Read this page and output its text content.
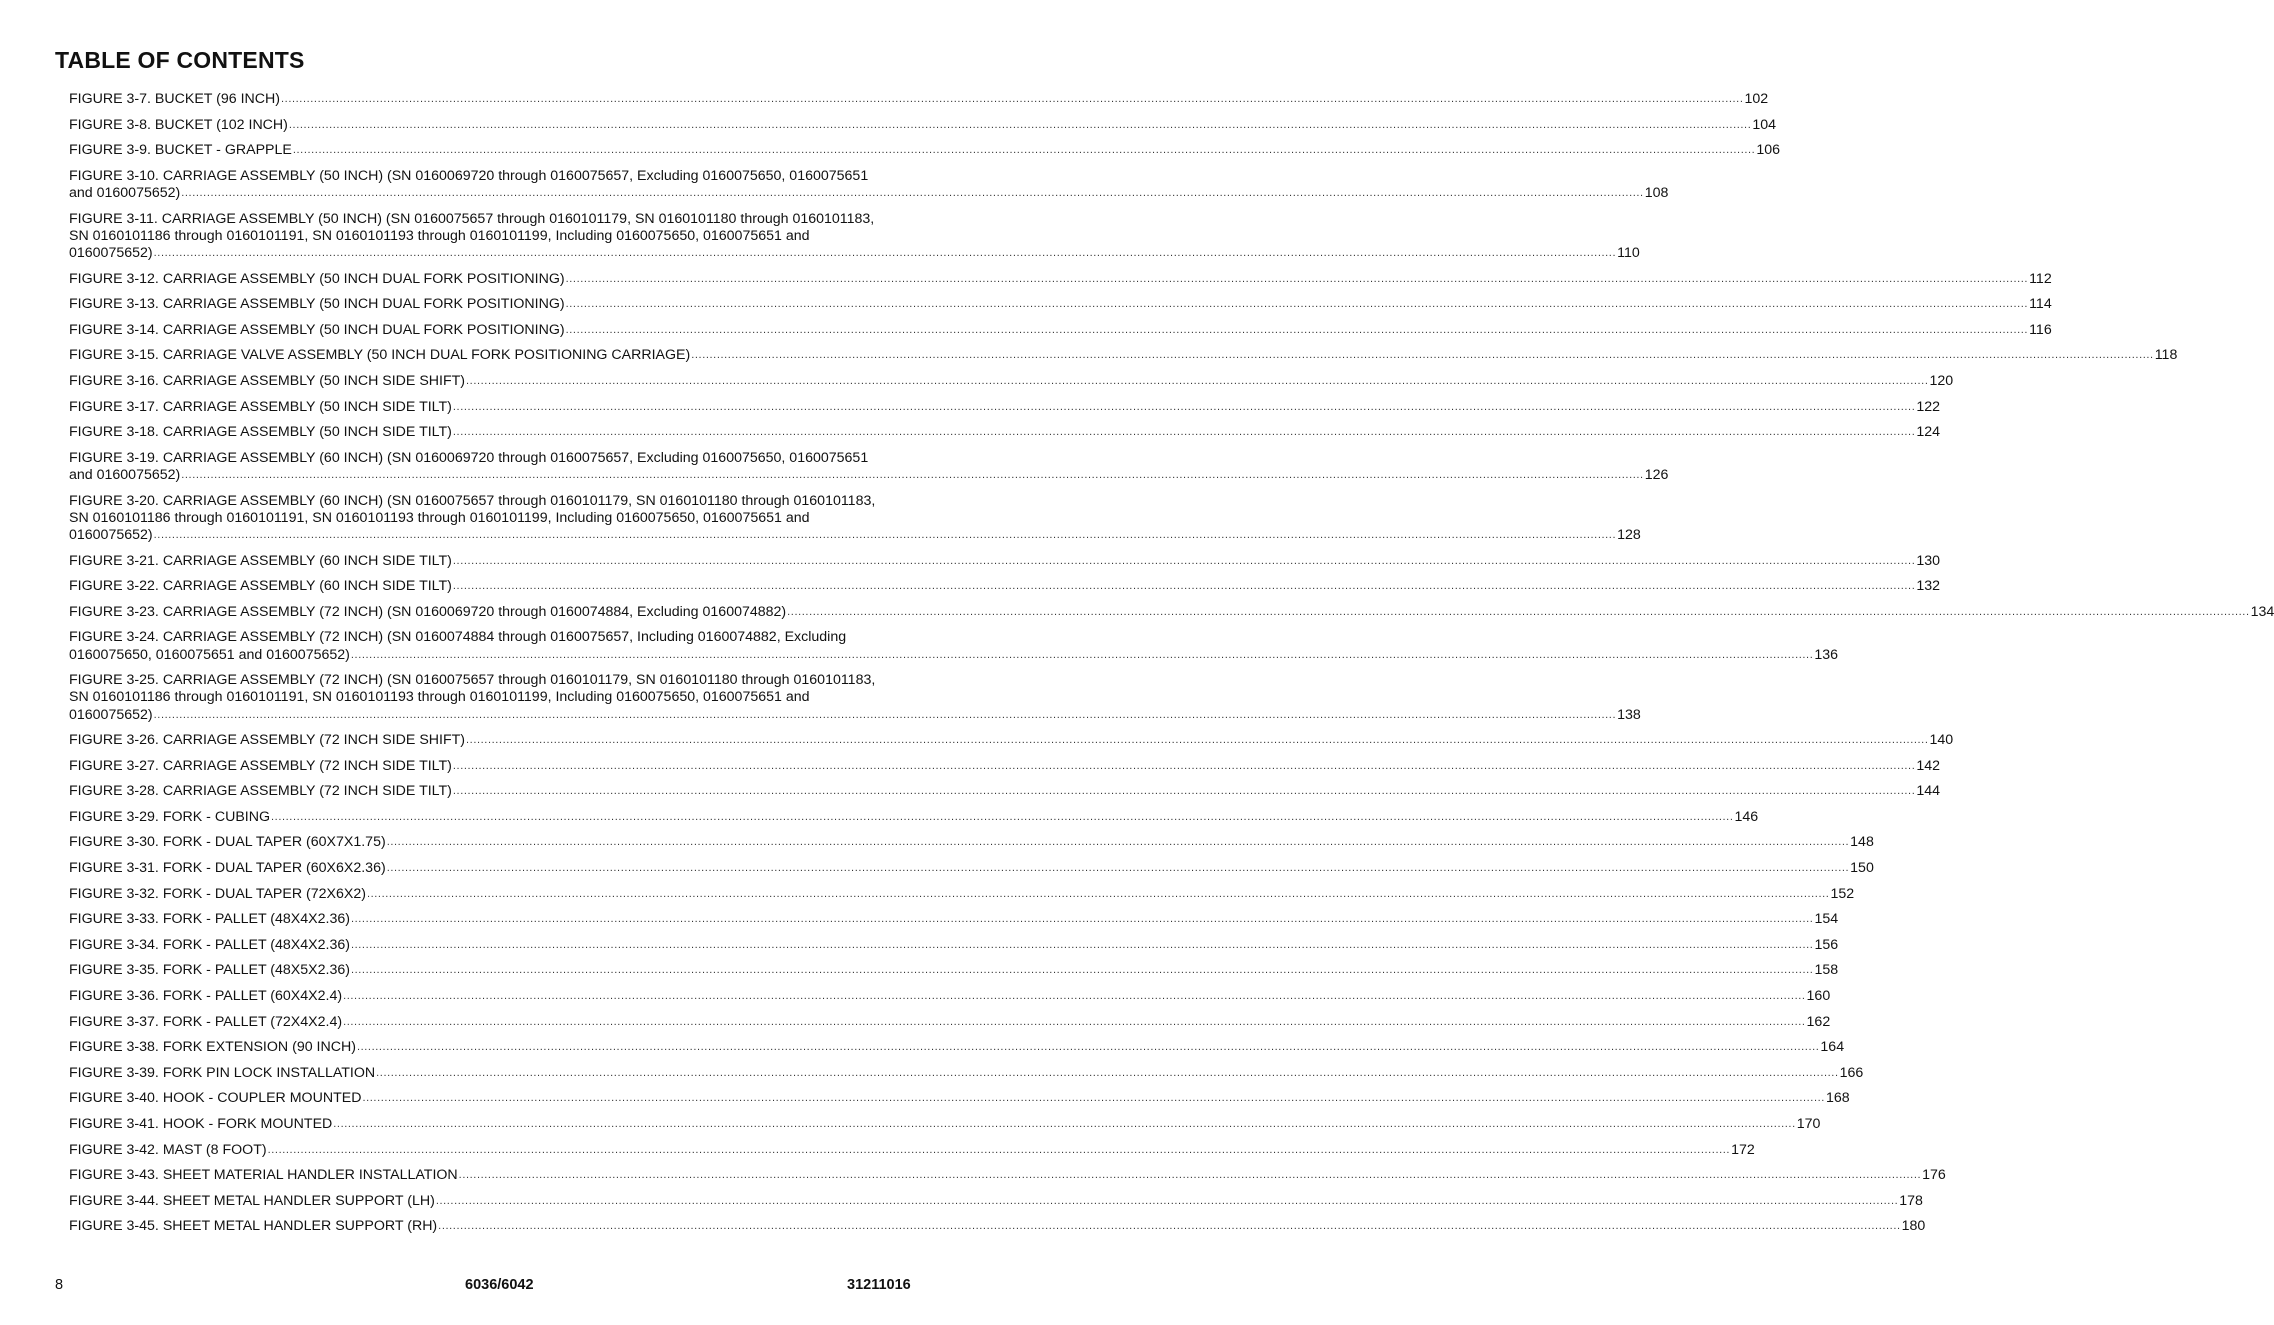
TABLE OF CONTENTS
FIGURE 3-7. BUCKET (96 INCH) ................................................................................................................................................................................................................................................................................................................................................................................................................ 102
FIGURE 3-8. BUCKET (102 INCH) ................................................................................................................................................................................................................................................................................................................................................................................................................ 104
FIGURE 3-9. BUCKET - GRAPPLE ................................................................................................................................................................................................................................................................................................................................................................................................................ 106
FIGURE 3-10. CARRIAGE ASSEMBLY (50 INCH) (SN 0160069720 through 0160075657, Excluding 0160075650, 0160075651
and 0160075652) ................................................................................................................................................................................................................................................................................................................................................................................................................ 108
FIGURE 3-11. CARRIAGE ASSEMBLY (50 INCH) (SN 0160075657 through 0160101179, SN 0160101180 through 0160101183,
SN 0160101186 through 0160101191, SN 0160101193 through 0160101199, Including 0160075650, 0160075651 and
0160075652) ................................................................................................................................................................................................................................................................................................................................................................................................................ 110
FIGURE 3-12. CARRIAGE ASSEMBLY (50 INCH DUAL FORK POSITIONING) ................................................................................................................................................................................................................................................................................................................................................................................................................ 112
FIGURE 3-13. CARRIAGE ASSEMBLY (50 INCH DUAL FORK POSITIONING) ................................................................................................................................................................................................................................................................................................................................................................................................................ 114
FIGURE 3-14. CARRIAGE ASSEMBLY (50 INCH DUAL FORK POSITIONING) ................................................................................................................................................................................................................................................................................................................................................................................................................ 116
FIGURE 3-15. CARRIAGE VALVE ASSEMBLY (50 INCH DUAL FORK POSITIONING CARRIAGE) ................................................................................................................................................................................................................................................................................................................................................................................................................ 118
FIGURE 3-16. CARRIAGE ASSEMBLY (50 INCH SIDE SHIFT) ................................................................................................................................................................................................................................................................................................................................................................................................................ 120
FIGURE 3-17. CARRIAGE ASSEMBLY (50 INCH SIDE TILT) ................................................................................................................................................................................................................................................................................................................................................................................................................ 122
FIGURE 3-18. CARRIAGE ASSEMBLY (50 INCH SIDE TILT) ................................................................................................................................................................................................................................................................................................................................................................................................................ 124
FIGURE 3-19. CARRIAGE ASSEMBLY (60 INCH) (SN 0160069720 through 0160075657, Excluding 0160075650, 0160075651
and 0160075652) ................................................................................................................................................................................................................................................................................................................................................................................................................ 126
FIGURE 3-20. CARRIAGE ASSEMBLY (60 INCH) (SN 0160075657 through 0160101179, SN 0160101180 through 0160101183,
SN 0160101186 through 0160101191, SN 0160101193 through 0160101199, Including 0160075650, 0160075651 and
0160075652) ................................................................................................................................................................................................................................................................................................................................................................................................................ 128
FIGURE 3-21. CARRIAGE ASSEMBLY (60 INCH SIDE TILT) ................................................................................................................................................................................................................................................................................................................................................................................................................ 130
FIGURE 3-22. CARRIAGE ASSEMBLY (60 INCH SIDE TILT) ................................................................................................................................................................................................................................................................................................................................................................................................................ 132
FIGURE 3-23. CARRIAGE ASSEMBLY (72 INCH) (SN 0160069720 through 0160074884, Excluding 0160074882) ................................................................................................................................................................................................................................................................................................................................................................................................................ 134
FIGURE 3-24. CARRIAGE ASSEMBLY (72 INCH) (SN 0160074884 through 0160075657, Including 0160074882, Excluding
0160075650, 0160075651 and 0160075652) ................................................................................................................................................................................................................................................................................................................................................................................................................ 136
FIGURE 3-25. CARRIAGE ASSEMBLY (72 INCH) (SN 0160075657 through 0160101179, SN 0160101180 through 0160101183,
SN 0160101186 through 0160101191, SN 0160101193 through 0160101199, Including 0160075650, 0160075651 and
0160075652) ................................................................................................................................................................................................................................................................................................................................................................................................................ 138
FIGURE 3-26. CARRIAGE ASSEMBLY (72 INCH SIDE SHIFT) ................................................................................................................................................................................................................................................................................................................................................................................................................ 140
FIGURE 3-27. CARRIAGE ASSEMBLY (72 INCH SIDE TILT) ................................................................................................................................................................................................................................................................................................................................................................................................................ 142
FIGURE 3-28. CARRIAGE ASSEMBLY (72 INCH SIDE TILT) ................................................................................................................................................................................................................................................................................................................................................................................................................ 144
FIGURE 3-29. FORK - CUBING ................................................................................................................................................................................................................................................................................................................................................................................................................ 146
FIGURE 3-30. FORK - DUAL TAPER (60X7X1.75) ................................................................................................................................................................................................................................................................................................................................................................................................................ 148
FIGURE 3-31. FORK - DUAL TAPER (60X6X2.36) ................................................................................................................................................................................................................................................................................................................................................................................................................ 150
FIGURE 3-32. FORK - DUAL TAPER (72X6X2) ................................................................................................................................................................................................................................................................................................................................................................................................................ 152
FIGURE 3-33. FORK - PALLET (48X4X2.36) ................................................................................................................................................................................................................................................................................................................................................................................................................ 154
FIGURE 3-34. FORK - PALLET (48X4X2.36) ................................................................................................................................................................................................................................................................................................................................................................................................................ 156
FIGURE 3-35. FORK - PALLET (48X5X2.36) ................................................................................................................................................................................................................................................................................................................................................................................................................ 158
FIGURE 3-36. FORK - PALLET (60X4X2.4) ................................................................................................................................................................................................................................................................................................................................................................................................................ 160
FIGURE 3-37. FORK - PALLET (72X4X2.4) ................................................................................................................................................................................................................................................................................................................................................................................................................ 162
FIGURE 3-38. FORK EXTENSION (90 INCH) ................................................................................................................................................................................................................................................................................................................................................................................................................ 164
FIGURE 3-39. FORK PIN LOCK INSTALLATION ................................................................................................................................................................................................................................................................................................................................................................................................................ 166
FIGURE 3-40. HOOK - COUPLER MOUNTED ................................................................................................................................................................................................................................................................................................................................................................................................................ 168
FIGURE 3-41. HOOK - FORK MOUNTED ................................................................................................................................................................................................................................................................................................................................................................................................................ 170
FIGURE 3-42. MAST (8 FOOT) ................................................................................................................................................................................................................................................................................................................................................................................................................ 172
FIGURE 3-43. SHEET MATERIAL HANDLER INSTALLATION ................................................................................................................................................................................................................................................................................................................................................................................................................ 176
FIGURE 3-44. SHEET METAL HANDLER SUPPORT (LH) ................................................................................................................................................................................................................................................................................................................................................................................................................ 178
FIGURE 3-45. SHEET METAL HANDLER SUPPORT (RH) ................................................................................................................................................................................................................................................................................................................................................................................................................ 180
8	6036/6042	31211016
